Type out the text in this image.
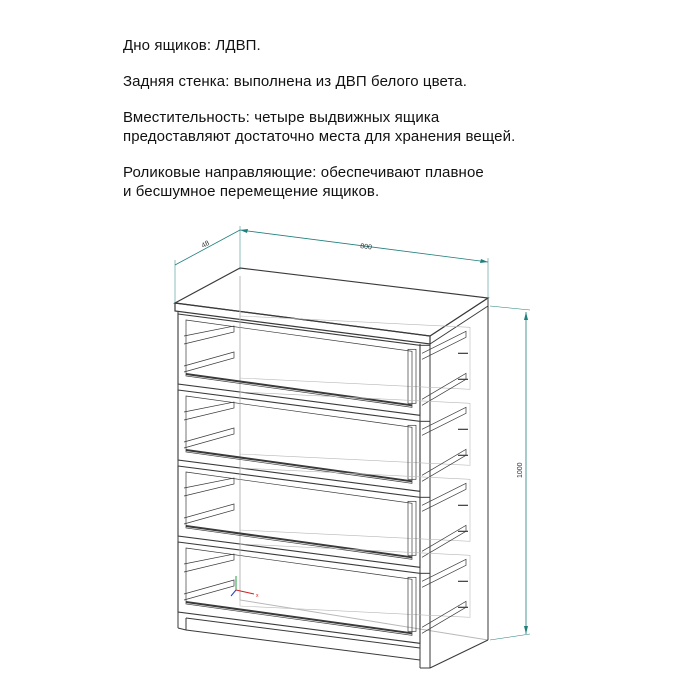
Дно ящиков: ЛДВП.

Задняя стенка: выполнена из ДВП белого цвета.

Вместительность: четыре выдвижных ящика
предоставляют достаточно места для хранения вещей.

Роликовые направляющие: обеспечивают плавное
и бесшумное перемещение ящиков.

800
48
1000
x
